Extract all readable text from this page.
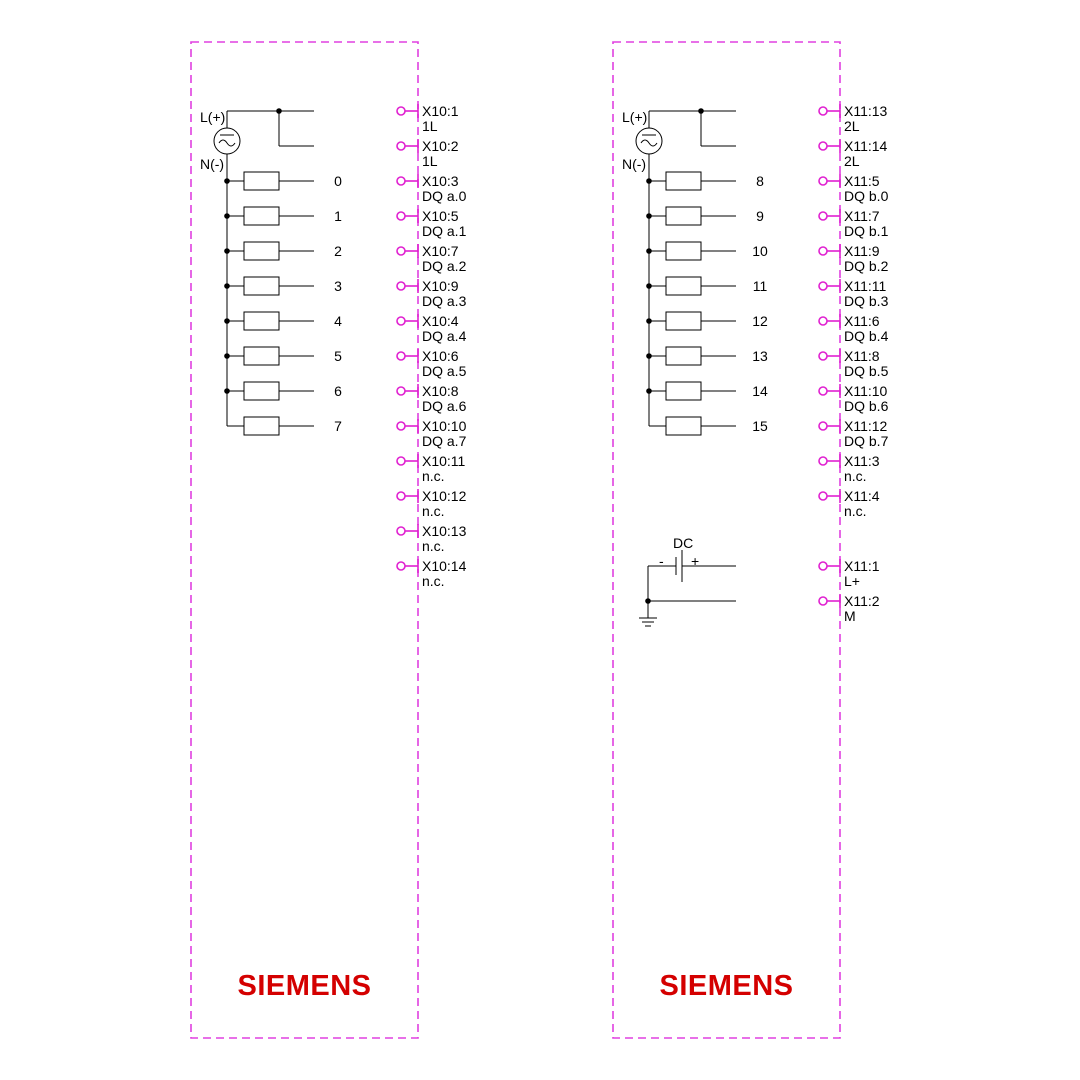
L(+)
N(-)
0
1
2
3
4
5
6
7
X10:1
1L
X10:2
1L
X10:3
DQ a.0
X10:5
DQ a.1
X10:7
DQ a.2
X10:9
DQ a.3
X10:4
DQ a.4
X10:6
DQ a.5
X10:8
DQ a.6
X10:10
DQ a.7
X10:11
n.c.
X10:12
n.c.
X10:13
n.c.
X10:14
n.c.
SIEMENS
L(+)
N(-)
8
9
10
11
12
13
14
15
DC
- +
X11:13
2L
X11:14
2L
X11:5
DQ b.0
X11:7
DQ b.1
X11:9
DQ b.2
X11:11
DQ b.3
X11:6
DQ b.4
X11:8
DQ b.5
X11:10
DQ b.6
X11:12
DQ b.7
X11:3
n.c.
X11:4
n.c.
X11:1
L+
X11:2
M
SIEMENS
